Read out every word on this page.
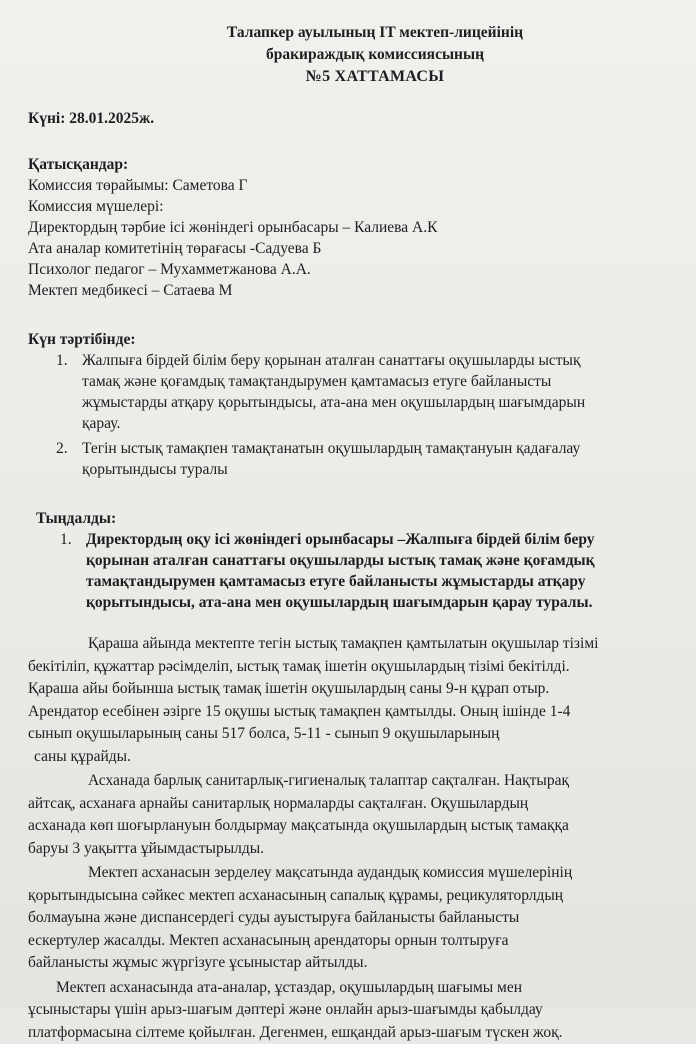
Талапкер ауылының IT мектеп-лицейінің
бракираждық комиссиясының
№5 ХАТТАМАСЫ
Күні: 28.01.2025ж.
Қатысқандар:
Комиссия төрайымы: Саметова Г
Комиссия мүшелері:
Директордың тәрбие ісі жөніндегі орынбасары – Калиева А.К
Ата аналар комитетінің төрағасы -Садуева Б
Психолог педагог – Мухамметжанова А.А.
Мектеп медбикесі – Сатаева М
Күн тәртібінде:
1. Жалпыға бірдей білім беру қорынан аталған санаттағы оқушыларды ыстық
тамақ және қоғамдық тамақтандырумен қамтамасыз етуге байланысты
жұмыстарды атқару қорытындысы, ата-ана мен оқушылардың шағымдарын
қарау.
2. Тегін ыстық тамақпен тамақтанатын оқушылардың тамақтануын қадағалау
қорытындысы туралы
Тыңдалды:
1. Директордың оқу ісі жөніндегі орынбасары –Жалпыға бірдей білім беру
қорынан аталған санаттағы оқушыларды ыстық тамақ және қоғамдық
тамақтандырумен қамтамасыз етуге байланысты жұмыстарды атқару
қорытындысы, ата-ана мен оқушылардың шағымдарын қарау туралы.
Қараша айында мектепте тегін ыстық тамақпен қамтылатын оқушылар тізімі
бекітіліп, құжаттар рәсімделіп, ыстық тамақ ішетін оқушылардың тізімі бекітілді.
Қараша айы бойынша ыстық тамақ ішетін оқушылардың саны 9-н құрап отыр.
Арендатор есебінен әзірге 15 оқушы ыстық тамақпен қамтылды. Оның ішінде 1-4
сынып оқушыларының саны 517 болса, 5-11 - сынып 9 оқушыларының
саны құрайды.
Асханада барлық санитарлық-гигиеналық талаптар сақталған. Нақтырақ
айтсақ, асханаға арнайы санитарлық нормаларды сақталған. Оқушылардың
асханада көп шоғырлануын болдырмау мақсатында оқушылардың ыстық тамаққа
баруы 3 уақытта ұйымдастырылды.
Мектеп асханасын зерделеу мақсатында аудандық комиссия мүшелерінің
қорытындысына сәйкес мектеп асханасының сапалық құрамы, рецикуляторлдың
болмауына және диспансердегі суды ауыстыруға байланысты байланысты
ескертулер жасалды. Мектеп асханасының арендаторы орнын толтыруға
байланысты жұмыс жүргізуге ұсыныстар айтылды.
Мектеп асханасында ата-аналар, ұстаздар, оқушылардың шағымы мен
ұсыныстары үшін арыз-шағым дәптері және онлайн арыз-шағымды қабылдау
платформасына сілтеме қойылған. Дегенмен, ешқандай арыз-шағым түскен жоқ.
